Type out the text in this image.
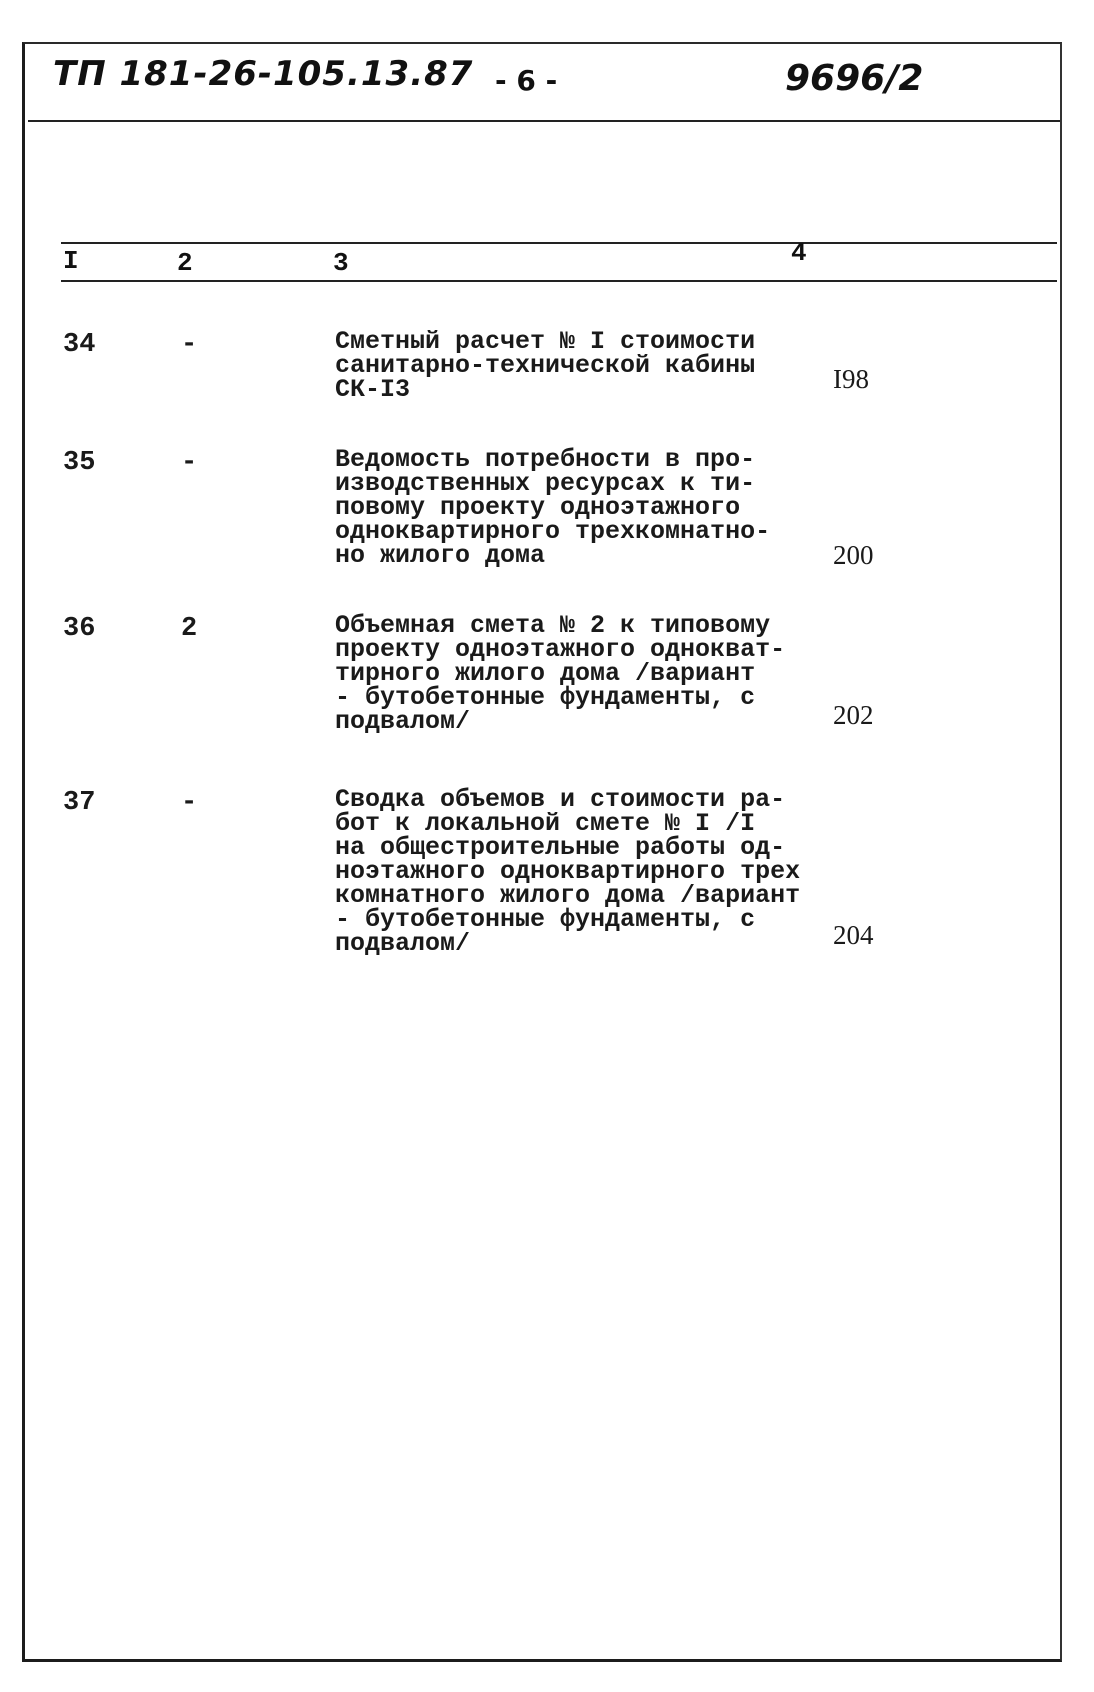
ТП 181-26-105.13.87 - 6 -	9696/2
I	2	3	4
34	-	Сметный расчет № I стоимости
санитарно-технической кабины
СК-I3	I98
35	-	Ведомость потребности в про-
изводственных ресурсах к ти-
повому проекту одноэтажного
одноквартирного трехкомнатно-
но жилого дома	200
36	2	Объемная смета № 2 к типовому
проекту одноэтажного однокват-
тирного жилого дома /вариант
- бутобетонные фундаменты, с
подвалом/	202
37	-	Сводка объемов и стоимости ра-
бот к локальной смете № I /I
на общестроительные работы од-
ноэтажного одноквартирного трех
комнатного жилого дома /вариант
- бутобетонные фундаменты, с
подвалом/	204
